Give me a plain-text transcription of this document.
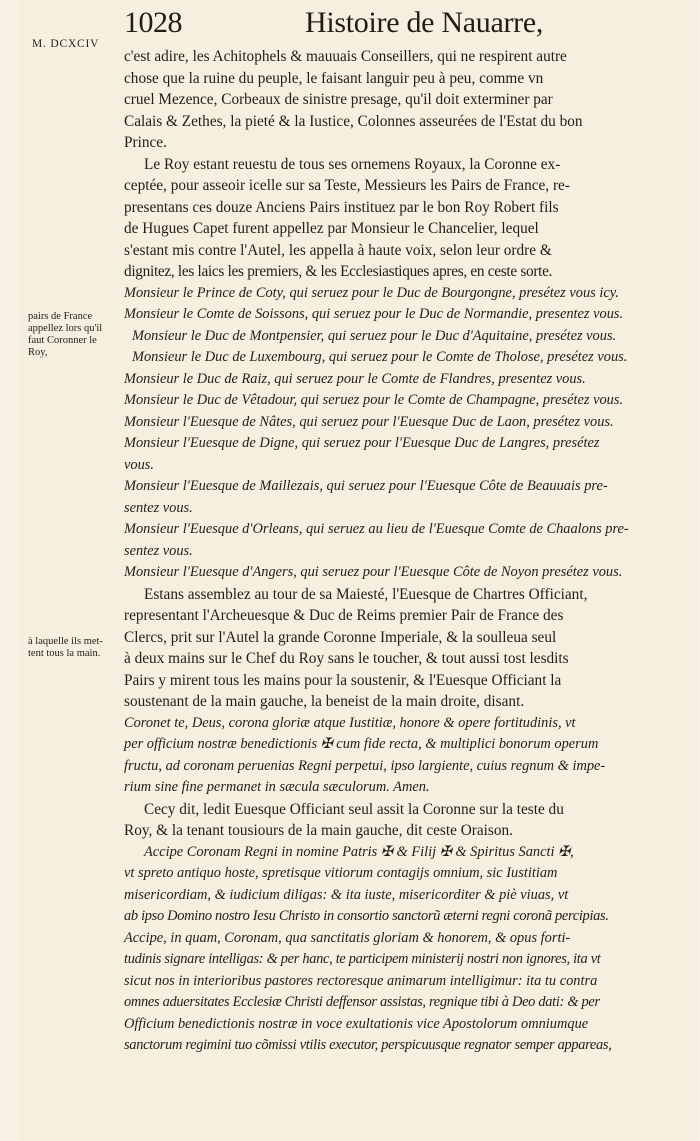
M. DCXCIV
1028	Histoire de Nauarre,
pairs de France
appellez lors qu'il
faut Coronner le
Roy,
à laquelle ils met-
tent tous la main.
c'est adire, les Achitophels & mauuais Conseillers, qui ne respirent autre
chose que la ruine du peuple, le faisant languir peu à peu, comme vn
cruel Mezence, Corbeaux de sinistre presage, qu'il doit exterminer par
Calais & Zethes, la pieté & la Iustice, Colonnes asseurées de l'Estat du bon
Prince.
Le Roy estant reuestu de tous ses ornemens Royaux, la Coronne ex-
ceptée, pour asseoir icelle sur sa Teste, Messieurs les Pairs de France, re-
presentans ces douze Anciens Pairs instituez par le bon Roy Robert fils
de Hugues Capet furent appellez par Monsieur le Chancelier, lequel
s'estant mis contre l'Autel, les appella à haute voix, selon leur ordre &
dignitez, les laics les premiers, & les Ecclesiastiques apres, en ceste sorte.
Monsieur le Prince de Coty, qui seruez pour le Duc de Bourgongne, presétez vous icy.
Monsieur le Comte de Soissons, qui seruez pour le Duc de Normandie, presentez vous.
Monsieur le Duc de Montpensier, qui seruez pour le Duc d'Aquitaine, presétez vous.
Monsieur le Duc de Luxembourg, qui seruez pour le Comte de Tholose, presétez vous.
Monsieur le Duc de Raiz, qui seruez pour le Comte de Flandres, presentez vous.
Monsieur le Duc de Vêtadour, qui seruez pour le Comte de Champagne, presétez vous.
Monsieur l'Euesque de Nâtes, qui seruez pour l'Euesque Duc de Laon, presétez vous.
Monsieur l'Euesque de Digne, qui seruez pour l'Euesque Duc de Langres, presétez
vous.
Monsieur l'Euesque de Maillezais, qui seruez pour l'Euesque Côte de Beauuais pre-
sentez vous.
Monsieur l'Euesque d'Orleans, qui seruez au lieu de l'Euesque Comte de Chaalons pre-
sentez vous.
Monsieur l'Euesque d'Angers, qui seruez pour l'Euesque Côte de Noyon presétez vous.
Estans assemblez au tour de sa Maiesté, l'Euesque de Chartres Officiant,
representant l'Archeuesque & Duc de Reims premier Pair de France des
Clercs, prit sur l'Autel la grande Coronne Imperiale, & la soulleua seul
à deux mains sur le Chef du Roy sans le toucher, & tout aussi tost lesdits
Pairs y mirent tous les mains pour la soustenir, & l'Euesque Officiant la
soustenant de la main gauche, la beneist de la main droite, disant.
Coronet te, Deus, corona gloriæ atque Iustitiæ, honore & opere fortitudinis, vt
per officium nostræ benedictionis ✠ cum fide recta, & multiplici bonorum operum
fructu, ad coronam peruenias Regni perpetui, ipso largiente, cuius regnum & impe-
rium sine fine permanet in sæcula sæculorum. Amen.
Cecy dit, ledit Euesque Officiant seul assit la Coronne sur la teste du
Roy, & la tenant tousiours de la main gauche, dit ceste Oraison.
Accipe Coronam Regni in nomine Patris ✠ & Filij ✠ & Spiritus Sancti ✠,
vt spreto antiquo hoste, spretisque vitiorum contagijs omnium, sic Iustitiam
misericordiam, & iudicium diligas: & ita iuste, misericorditer & piè viuas, vt
ab ipso Domino nostro Iesu Christo in consortio sanctorũ æterni regni coronã percipias.
Accipe, in quam, Coronam, qua sanctitatis gloriam & honorem, & opus forti-
tudinis signare intelligas: & per hanc, te participem ministerij nostri non ignores, ita vt
sicut nos in interioribus pastores rectoresque animarum intelligimur: ita tu contra
omnes aduersitates Ecclesiæ Christi deffensor assistas, regnique tibi à Deo dati: & per
Officium benedictionis nostræ in voce exultationis vice Apostolorum omniumque
sanctorum regimini tuo cõmissi vtilis executor, perspicuusque regnator semper appareas,
